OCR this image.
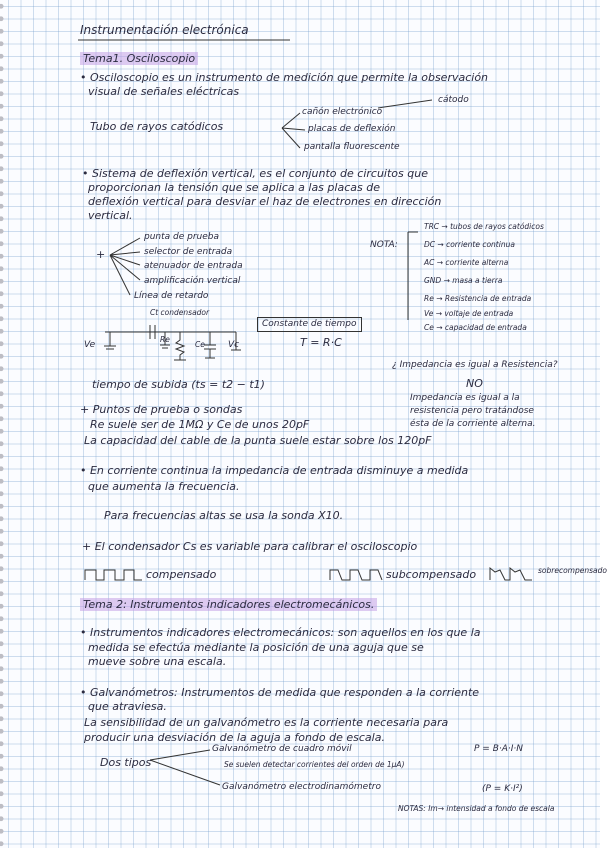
Instrumentación electrónica
Tema1. Osciloscopio
• Osciloscopio es un instrumento de medición que permite la observación
visual de señales eléctricas
cátodo
Tubo de rayos catódicos
cañón electrónico
placas de deflexión
pantalla fluorescente
• Sistema de deflexión vertical, es el conjunto de circuitos que
proporcionan la tensión que se aplica a las placas de
deflexión vertical para desviar el haz de electrones en dirección
vertical.
+
punta de prueba
selector de entrada
atenuador de entrada
amplificación vertical
Línea de retardo
NOTA:
TRC → tubos de rayos catódicos
DC → corriente continua
AC → corriente alterna
GND → masa a tierra
Re → Resistencia de entrada
Ve → voltaje de entrada
Ce → capacidad de entrada
Ct condensador
Ve
Re
Ce	Vc
Constante de tiempo
T = R·C
tiempo de subida (ts = t2 − t1)
¿ Impedancia es igual a Resistencia?
NO
Impedancia es igual a la
resistencia pero tratándose
ésta de la corriente alterna.
+ Puntos de prueba o sondas
Re suele ser de 1MΩ y Ce de unos 20pF
La capacidad del cable de la punta suele estar sobre los 120pF
• En corriente continua la impedancia de entrada disminuye a medida
que aumenta la frecuencia.
Para frecuencias altas se usa la sonda X10.
+ El condensador Cs es variable para calibrar el osciloscopio
compensado	subcompensado	sobrecompensado
Tema 2: Instrumentos indicadores electromecánicos.
• Instrumentos indicadores electromecánicos: son aquellos en los que la
medida se efectúa mediante la posición de una aguja que se
mueve sobre una escala.
• Galvanómetros: Instrumentos de medida que responden a la corriente
que atraviesa.
La sensibilidad de un galvanómetro es la corriente necesaria para
producir una desviación de la aguja a fondo de escala.
Dos tipos
Galvanómetro de cuadro móvil	P = B·A·I·N
Se suelen detectar corrientes del orden de 1µA)
Galvanómetro electrodinamómetro	(P = K·I²)
NOTAS: Im→ intensidad a fondo de escala
